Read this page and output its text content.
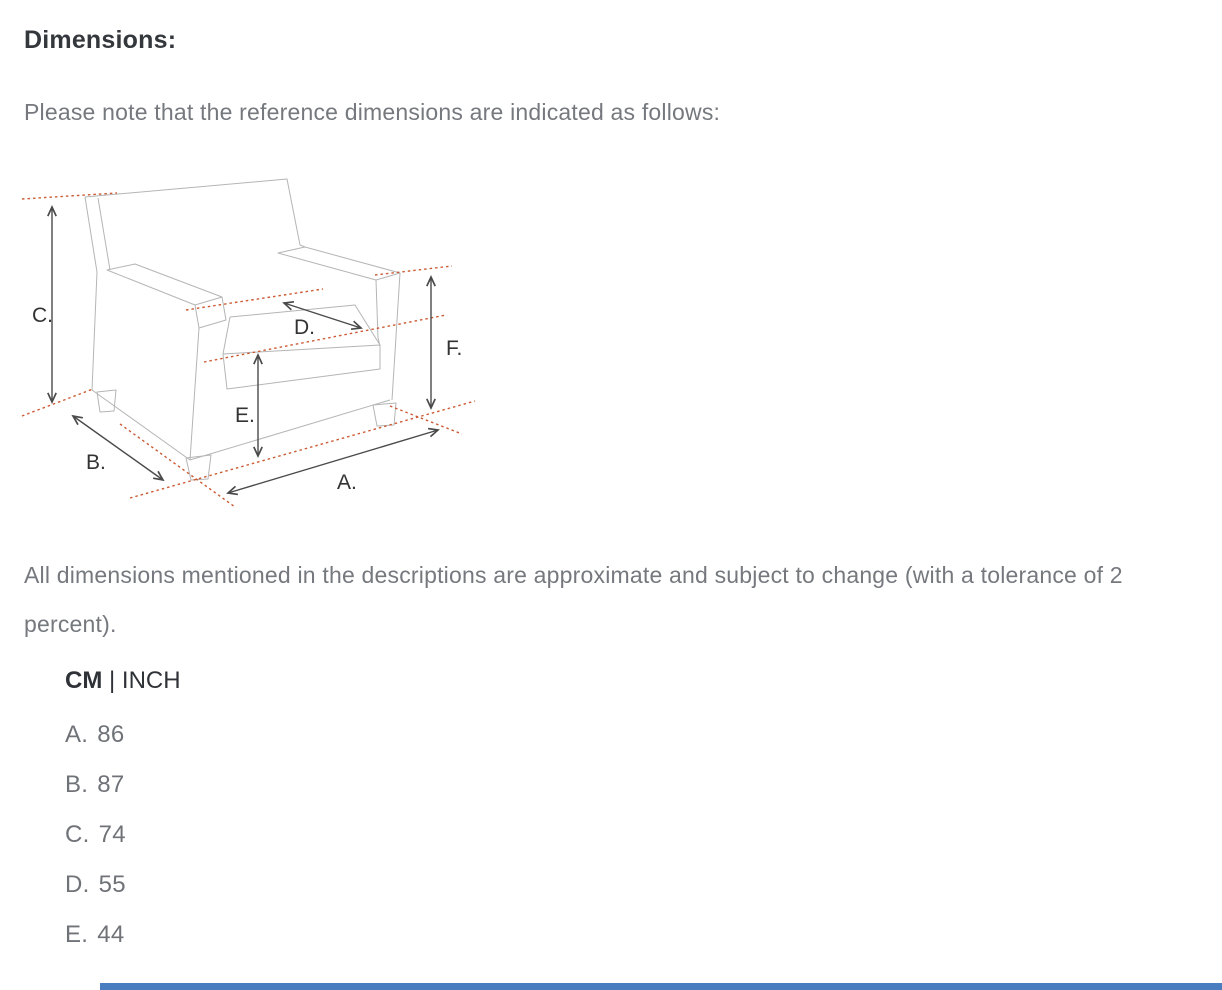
Dimensions:

Please note that the reference dimensions are indicated as follows:

C.
B.
A.
D.
E.
F.

All dimensions mentioned in the descriptions are approximate and subject to change (with a tolerance of 2 percent).

CM | INCH
A. 86
B. 87
C. 74
D. 55
E. 44
